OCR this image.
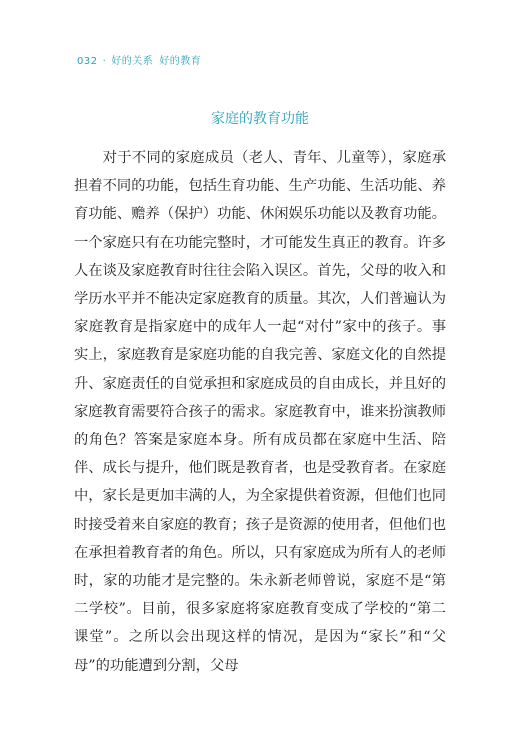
032 · 好的关系 好的教育
家庭的教育功能

对于不同的家庭成员（老人、青年、儿童等），家庭承担着不同的功能，包括生育功能、生产功能、生活功能、养育功能、赡养（保护）功能、休闲娱乐功能以及教育功能。一个家庭只有在功能完整时，才可能发生真正的教育。许多人在谈及家庭教育时往往会陷入误区。首先，父母的收入和学历水平并不能决定家庭教育的质量。其次，人们普遍认为家庭教育是指家庭中的成年人一起“对付”家中的孩子。事实上，家庭教育是家庭功能的自我完善、家庭文化的自然提升、家庭责任的自觉承担和家庭成员的自由成长，并且好的家庭教育需要符合孩子的需求。家庭教育中，谁来扮演教师的角色？答案是家庭本身。所有成员都在家庭中生活、陪伴、成长与提升，他们既是教育者，也是受教育者。在家庭中，家长是更加丰满的人，为全家提供着资源，但他们也同时接受着来自家庭的教育；孩子是资源的使用者，但他们也在承担着教育者的角色。所以，只有家庭成为所有人的老师时，家的功能才是完整的。朱永新老师曾说，家庭不是“第二学校”。目前，很多家庭将家庭教育变成了学校的“第二课堂”。之所以会出现这样的情况，是因为“家长”和“父母”的功能遭到分割，父母
